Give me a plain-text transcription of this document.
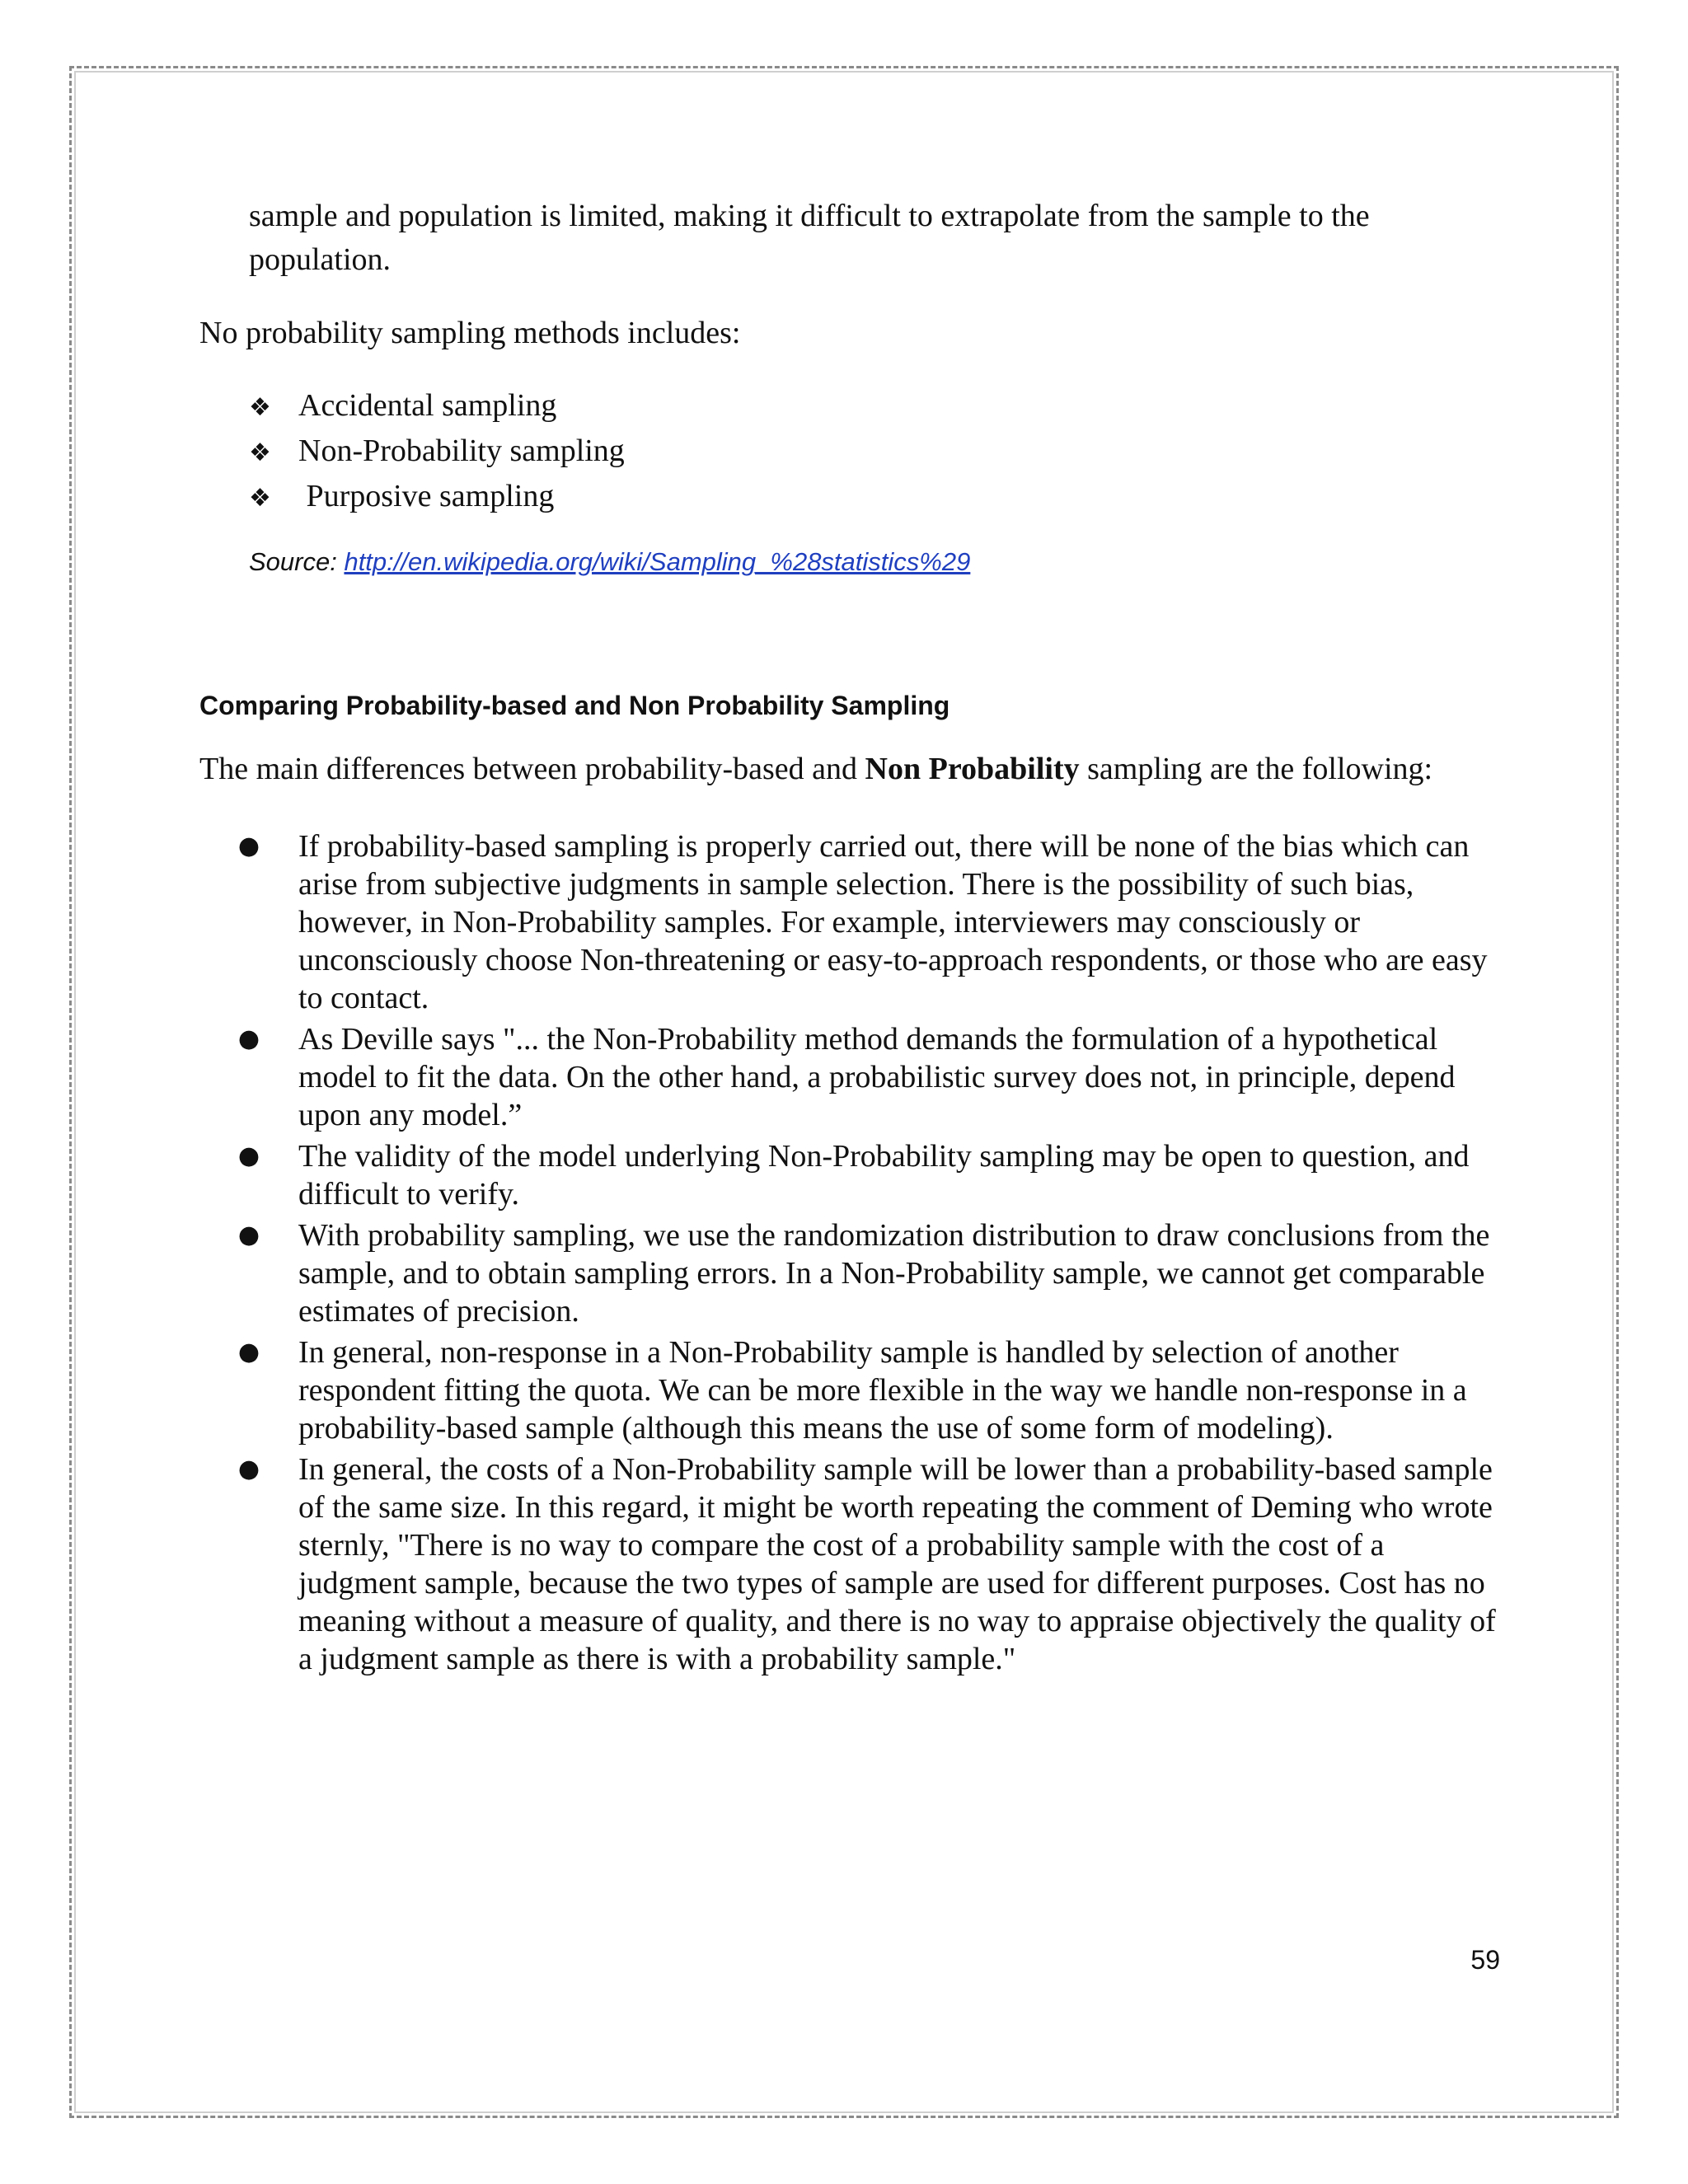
sample and population is limited, making it difficult to extrapolate from the sample to the population.

No probability sampling methods includes:

❖ Accidental sampling
❖ Non-Probability sampling
❖ Purposive sampling

Source: http://en.wikipedia.org/wiki/Sampling_%28statistics%29

Comparing Probability-based and Non Probability Sampling

The main differences between probability-based and Non Probability sampling are the following:

●	If probability-based sampling is properly carried out, there will be none of the bias which can arise from subjective judgments in sample selection. There is the possibility of such bias, however, in Non-Probability samples. For example, interviewers may consciously or unconsciously choose Non-threatening or easy-to-approach respondents, or those who are easy to contact.
●	As Deville says "... the Non-Probability method demands the formulation of a hypothetical model to fit the data. On the other hand, a probabilistic survey does not, in principle, depend upon any model.”
●	The validity of the model underlying Non-Probability sampling may be open to question, and difficult to verify.
●	With probability sampling, we use the randomization distribution to draw conclusions from the sample, and to obtain sampling errors. In a Non-Probability sample, we cannot get comparable estimates of precision.
●	In general, non-response in a Non-Probability sample is handled by selection of another respondent fitting the quota. We can be more flexible in the way we handle non-response in a probability-based sample (although this means the use of some form of modeling).
●	In general, the costs of a Non-Probability sample will be lower than a probability-based sample of the same size. In this regard, it might be worth repeating the comment of Deming who wrote sternly, "There is no way to compare the cost of a probability sample with the cost of a judgment sample, because the two types of sample are used for different purposes. Cost has no meaning without a measure of quality, and there is no way to appraise objectively the quality of a judgment sample as there is with a probability sample."

59
